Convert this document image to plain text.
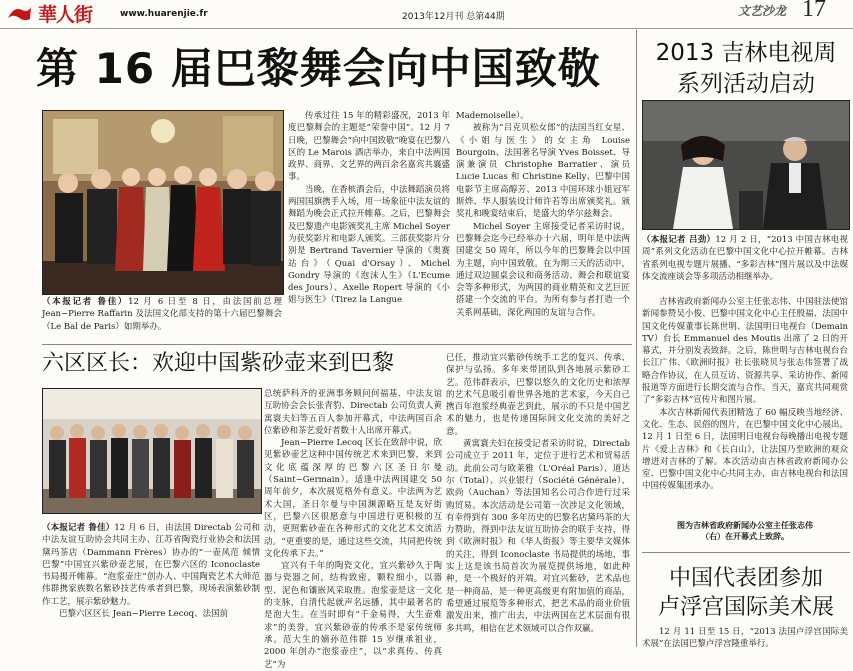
華人街	www.huarenjie.fr	2013年12月刊 总第44期	文艺沙龙 17
第 16 届巴黎舞会向中国致敬
（本报记者 鲁佳）12 月 6 日至 8 日，由法国前总理 Jean−Pierre Raffarin 及法国文化部支持的第十六届巴黎舞会（Le Bal de Paris）如期举办。

传承过往 15 年的精彩盛况，2013 年度巴黎舞会的主题是“荣誉中国”。12 月 7 日晚，巴黎舞会“向中国致敬”晚宴在巴黎八区的 Le Marois 酒店举办，来自中法两国政界、商界、文艺界的两百余名嘉宾共襄盛事。

当晚，在香槟酒会后，中法舞蹈演员将两国国旗携手入场，用一场象征中法友谊的舞蹈为晚会正式拉开帷幕。之后，巴黎舞会及巴黎遗产电影颁奖礼主席 Michel Soyer 为获奖影片和电影人颁奖。三部获奖影片分别是 Bertrand Tavernier 导演的《奥赛站台》（Quai d'Orsay）、Michel Gondry 导演的《泡沫人生》（L'Ecume des Jours）、Axelle Ropert 导演的《小姐与医生》（Tirez la Langue

Mademoiselle）。

被称为“吕克贝松女郎”的法国当红女星、《小姐与医生》的女主角 Louise Bourgoin、法国著名导演 Yves Boisset、导演兼演员 Christophe Barratier、演员 Lucie Lucas 和 Christine Kelly、巴黎中国电影节主席高醇芳、2013 中国环球小姐冠军斯烨、华人服装设计师许若等出席颁奖礼。颁奖礼和晚宴结束后，是盛大的华尔兹舞会。

Michel Soyer 主席接受记者采访时说，巴黎舞会迄今已经举办十六届，明年是中法两国建交 50 周年，所以今年的巴黎舞会以中国为主题，向中国致敬。在为期三天的活动中，通过双边圆桌会议和商务活动、舞会和联谊宴会等多种形式，为两国的商业精英和文艺巨匠搭建一个交流的平台。为所有参与者打造一个关系网基础，深化两国的友谊与合作。

六区区长：欢迎中国紫砂壶来到巴黎
（本报记者 鲁佳）12 月 6 日，由法国 Directab 公司和中法友谊互助协会共同主办、江苏省陶瓷行业协会和法国黛玛茶店（Dammann Frères）协办的“一壶风范 倾情巴黎”中国宜兴紫砂壶艺展，在巴黎六区的 Iconoclaste 书局揭开帷幕。“泡浆壶庄”创办人、中国陶瓷艺术大师范伟群携家族数名紫砂技艺传承者到巴黎，现场表演紫砂制作工艺，展示紫砂魅力。

巴黎六区区长 Jean−Pierre Lecoq、法国前

总统萨科齐的亚洲事务顾问何福基、中法友谊互助协会会长张青豹、Directab 公司负责人黄寓寰夫妇等五百人参加开幕式，中法两国百余位紫砂和茶艺爱好者数十人出席开幕式。

Jean−Pierre Lecoq 区长在致辞中说，欣见紫砂壶艺这种中国传统艺术来到巴黎，来到文化底蕴深厚的巴黎六区圣日尔曼（Saint−Germain）。适逢中法两国建交 50 周年前夕，本次展览格外有意义。中法两为艺术大国，圣日尔曼与中国渊源略互是友好街区，巴黎六区很愿意与中国进行更积极的互动，更照紫砂壶在各种形式的文化艺术交流活动。“更重要的是，通过这些交流，共同把传统文化传承下去。”

宜兴有千年的陶瓷文化，宜兴紫砂久于陶器与瓷器之间，结构致密，颗粒细小，以器型、泥色和镶嵌风采取胜。泡浆壶是这一文化的支脉，自清代起就声名远播，其中最著名的是泡大生。在当时即有“千金易得，大生壶难求”的美誉，宜兴紫砂壶的传承不是家传统师承。范大生的嫡孙范伟群 15 岁继承祖业，2000 年创办“泡浆壶庄”，以“求真传、传真艺”为

已任，推动宜兴紫砂传统手工艺的复兴、传承、保护与弘扬。多年来带团队到各地展示紫砂工艺。范伟群表示，巴黎以悠久的文化历史和浓厚的艺术气息吸引着世界各地的艺术家，今天自己携百年泡浆经典壶艺到此，展示的不只是中国艺术的魅力，也是传递国际间文化交流的美好之意。

黄寓寰夫妇在接受记者采访时说，Directab 公司成立于 2011 年，定位于进行艺术和贸易活动。此前公司与欧莱雅（L'Oréal Paris）、道达尔（Total）、兴业银行（Société Générale）、欧尚（Auchan）等法国知名公司合作进行过采购贸易。本次活动是公司第一次涉足文化领域，有幸得到有 300 多年历史的巴黎名店黛玛茶的大力赞助，得到中法友谊互助协会的联手支持，得到《欧洲时报》和《华人街报》等主要华文媒体的关注，得到 Iconoclaste 书局提供的场地，事实上这是该书局首次为展览提供场地，如此种种，是一个极好的开端。对宜兴紫砂，艺术品也是一种商品，是一种更高级更有附加值的商品，希望通过展览等多种形式，把艺术品的商业价值激发出来，推广出去，中法两国在艺术层面有很多共鸣，相信在艺术领域可以合作双赢。

2013 吉林电视周
系列活动启动
（本报记者 吕劲）12 月 2 日，“2013 中国吉林电视周”系列文化活动在巴黎中国文化中心拉开帷幕。吉林省系列电视专题片展播、“多彩吉林”图片展以及中法媒体交流座谈会等多项活动相继举办。

吉林省政府新闻办公室主任张志伟、中国驻法使馆新闻参赞吴小俊、巴黎中国文化中心主任殷福、法国中国文化传媒董事长陈世明、法国明日电视台（Demain TV）台长 Emmanuel des Moutis 出席了 2 日的开幕式，并分别发表致辞。之后，陈世明与吉林电视台台长江广伟、《欧洲时报》社长张晓贝与张志伟签署了战略合作协议，在人员互访、资源共享、采访协作、新闻报道等方面进行长期交流与合作。当天，嘉宾共同观赏了“多彩吉林”宣传片和图片展。

本次吉林新闻代表团精选了 60 幅反映当地经济、文化、生态、民俗的图片，在巴黎中国文化中心展出。12 月 1 日至 6 日，法国明日电视台每晚播出电视专题片《爱上吉林》和《长白山》，让法国乃至欧洲的观众增进对吉林的了解。本次活动由吉林省政府新闻办公室、巴黎中国文化中心共同主办，由吉林电视台和法国中国传媒集团承办。

图为吉林省政府新闻办公室主任张志伟
（右）在开幕式上致辞。
中国代表团参加
卢浮宫国际美术展

12 月 11 日至 15 日，“2013 法国卢浮宫国际美术展”在法国巴黎卢浮宫隆重举行。
